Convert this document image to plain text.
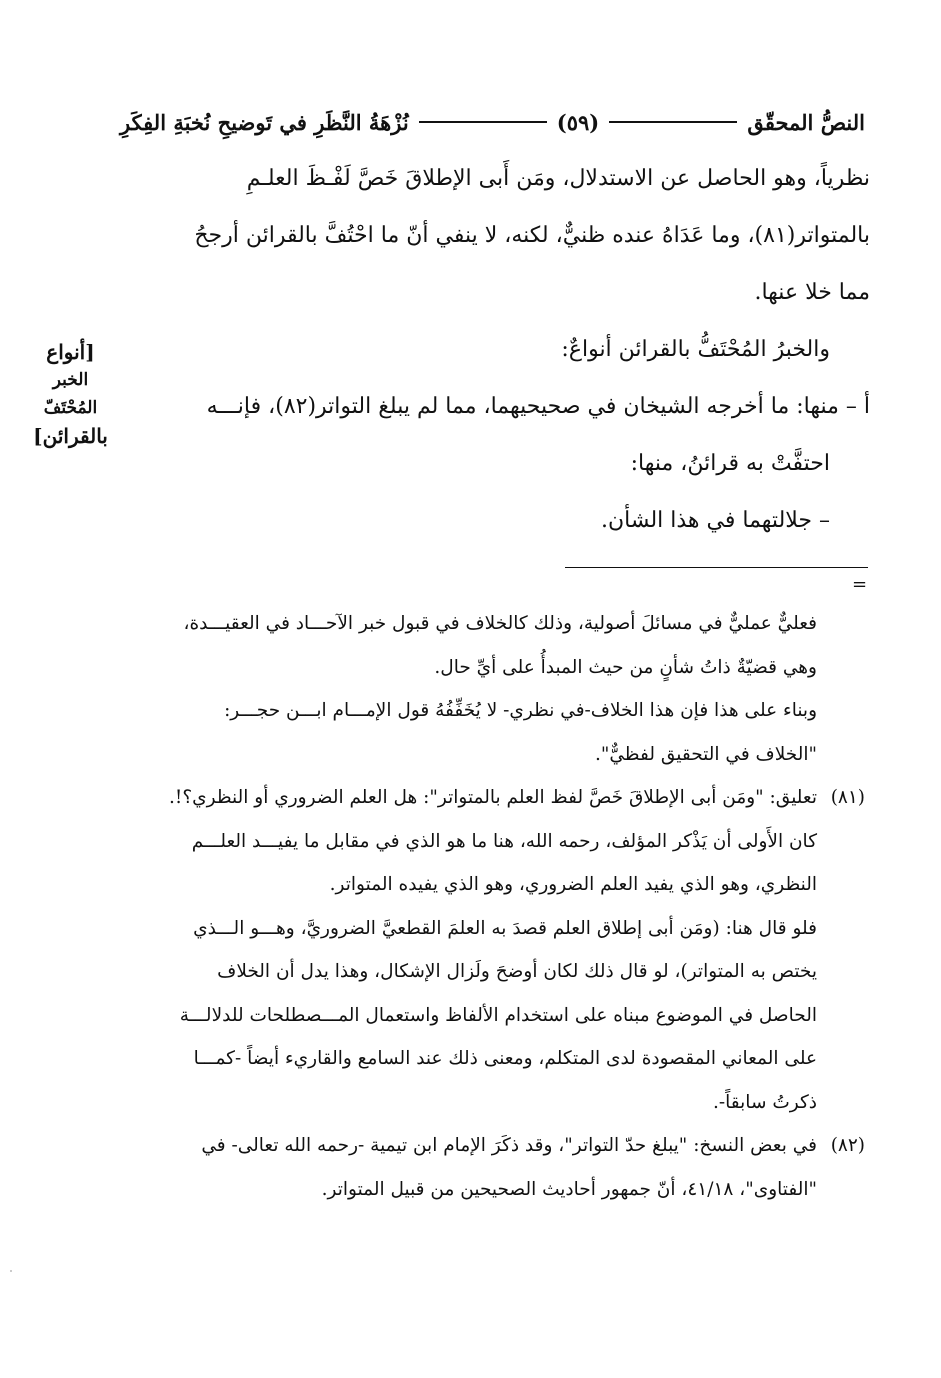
النصُّ المحقّق
(٥٩)
نُزْهَةُ النَّظَرِ في تَوضيحِ نُخبَةِ الفِكَرِ

نظرياً، وهو الحاصل عن الاستدلال، ومَن أَبى الإطلاقَ خَصَّ لَفْـظَ العلـمِ

بالمتواتر(٨١)، وما عَدَاهُ عنده ظنيٌّ، لكنه، لا ينفي أنّ ما احْتُفَّ بالقرائن أرجحُ

مما خلا عنها.

والخبرُ المُحْتَفُّ بالقرائن أنواعٌ:

أ – منها: ما أخرجه الشيخان في صحيحيهما، مما لم يبلغ التواتر(٨٢)، فإنـــه

احتفَّتْ به قرائنُ، منها:

– جلالتهما في هذا الشأن.

[أنواع
الخبر
المُحْتَفّ
بالقرائن]
=

فعليٌّ عمليٌّ في مسائلَ أصولية، وذلك كالخلاف في قبول خبر الآحـــاد في العقيـــدة،

وهي قضيّةٌ ذاتُ شأنٍ من حيث المبدأُ على أيِّ حال.

وبناء على هذا فإن هذا الخلاف-في نظري- لا يُخَفِّفُهُ قول الإمـــام ابـــن حجـــر:

"الخلاف في التحقيق لفظيٌّ".

(٨١)
تعليق: "ومَن أبى الإطلاقَ خَصَّ لفظ العلم بالمتواتر": هل العلم الضروري أو النظري؟!.

كان الأَولى أن يَذْكر المؤلف، رحمه الله، هنا ما هو الذي في مقابل ما يفيـــد العلـــم

النظري، وهو الذي يفيد العلم الضروري، وهو الذي يفيده المتواتر.

فلو قال هنا: (ومَن أبى إطلاق العلم قصدَ به العلمَ القطعيَّ الضروريَّ، وهـــو الـــذي

يختص به المتواتر)، لو قال ذلك لكان أوضحَ ولَزال الإشكال، وهذا يدل أن الخلاف

الحاصل في الموضوع مبناه على استخدام الألفاظ واستعمال المـــصطلحات للدلالـــة

على المعاني المقصودة لدى المتكلم، ومعنى ذلك عند السامع والقاريء أيضاً -كمـــا

ذكرتُ سابقاً-.

(٨٢)
في بعض النسخ: "يبلغ حدّ التواتر"، وقد ذكَرَ الإمام ابن تيمية -رحمه الله تعالى- في

"الفتاوى"، ٤١/١٨، أنّ جمهور أحاديث الصحيحين من قبيل المتواتر.
